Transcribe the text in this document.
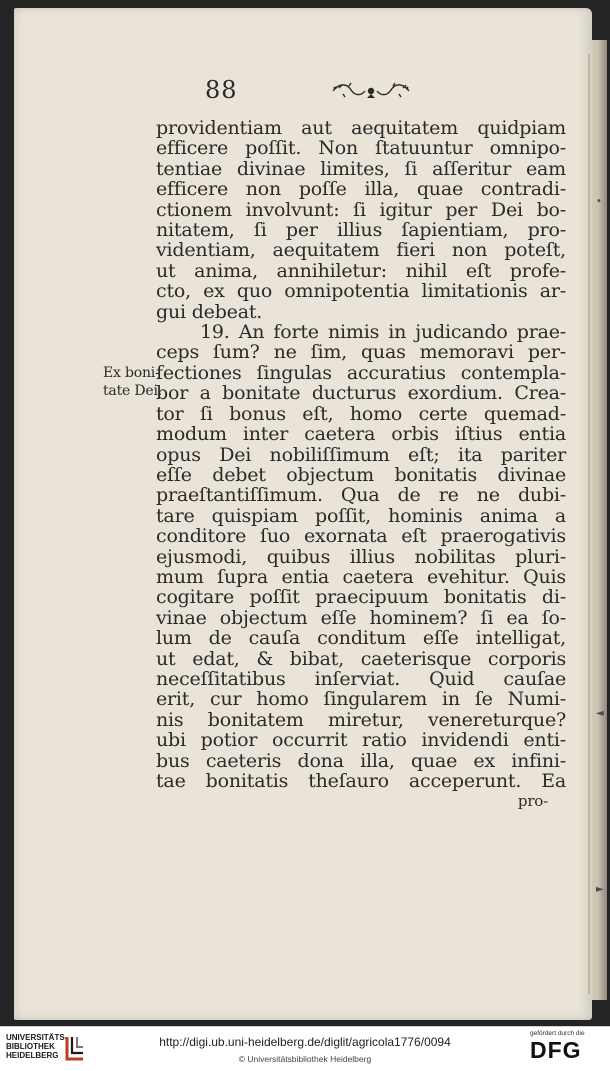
88
Ex boni-
tate Dei.
providentiam aut aequitatem quidpiam
efficere poſſit. Non ſtatuuntur omnipo-
tentiae divinae limites, ſi aſſeritur eam
efficere non poſſe illa, quae contradi-
ctionem involvunt: ſi igitur per Dei bo-
nitatem, ſi per illius ſapientiam, pro-
videntiam, aequitatem fieri non poteſt,
ut anima, annihiletur: nihil eſt profe-
cto, ex quo omnipotentia limitationis ar-
gui debeat.
19. An forte nimis in judicando prae-
ceps ſum? ne ſim, quas memoravi per-
fectiones ſingulas accuratius contempla-
bor a bonitate ducturus exordium. Crea-
tor ſi bonus eſt, homo certe quemad-
modum inter caetera orbis iſtius entia
opus Dei nobiliſſimum eſt; ita pariter
eſſe debet objectum bonitatis divinae
praeſtantiſſimum. Qua de re ne dubi-
tare quispiam poſſit, hominis anima a
conditore ſuo exornata eſt praerogativis
ejusmodi, quibus illius nobilitas pluri-
mum ſupra entia caetera evehitur. Quis
cogitare poſſit praecipuum bonitatis di-
vinae objectum eſſe hominem? ſi ea ſo-
lum de cauſa conditum eſſe intelligat,
ut edat, & bibat, caeterisque corporis
neceſſitatibus inſerviat. Quid cauſae
erit, cur homo ſingularem in ſe Numi-
nis bonitatem miretur, venereturque?
ubi potior occurrit ratio invidendi enti-
bus caeteris dona illa, quae ex infini-
tae bonitatis theſauro acceperunt. Ea
pro-
•
◄
►
UNIVERSITÄTS-
BIBLIOTHEK
HEIDELBERG
http://digi.ub.uni-heidelberg.de/diglit/agricola1776/0094
© Universitätsbibliothek Heidelberg
gefördert durch die
DFG
